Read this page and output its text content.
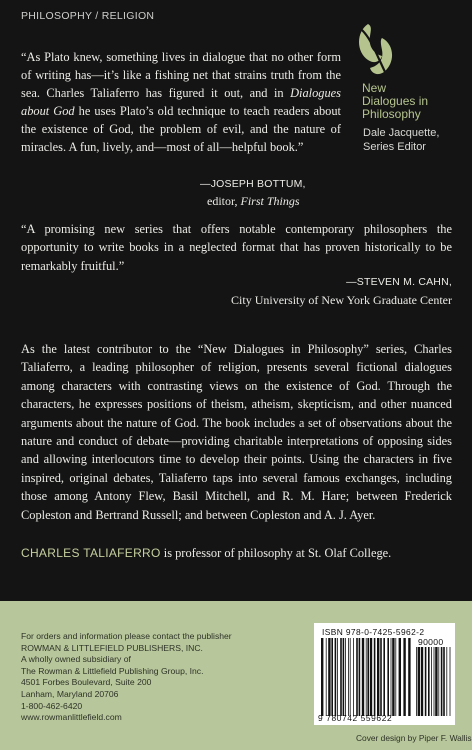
PHILOSOPHY / RELIGION
New
Dialogues in
Philosophy
Dale Jacquette,
Series Editor
“As Plato knew, something lives in dialogue that no other form of writing has—it’s like a fishing net that strains truth from the sea. Charles Taliaferro has figured it out, and in Dialogues about God he uses Plato’s old technique to teach readers about the existence of God, the problem of evil, and the nature of miracles. A fun, lively, and—most of all—helpful book.”
—JOSEPH BOTTUM,
editor, First Things
“A promising new series that offers notable contemporary philosophers the opportunity to write books in a neglected format that has proven historically to be remarkably fruitful.”
—STEVEN M. CAHN,
City University of New York Graduate Center
As the latest contributor to the “New Dialogues in Philosophy” series, Charles Taliaferro, a leading philosopher of religion, presents several fictional dialogues among characters with contrasting views on the existence of God. Through the characters, he expresses positions of theism, atheism, skepticism, and other nuanced arguments about the nature of God. The book includes a set of observations about the nature and conduct of debate—providing charitable interpretations of opposing sides and allowing interlocutors time to develop their points. Using the characters in five inspired, original debates, Taliaferro taps into several famous exchanges, including those among Antony Flew, Basil Mitchell, and R. M. Hare; between Frederick Copleston and Bertrand Russell; and between Copleston and A. J. Ayer.
CHARLES TALIAFERRO is professor of philosophy at St. Olaf College.
For orders and information please contact the publisher
ROWMAN & LITTLEFIELD PUBLISHERS, INC.
A wholly owned subsidiary of
The Rowman & Littlefield Publishing Group, Inc.
4501 Forbes Boulevard, Suite 200
Lanham, Maryland 20706
1-800-462-6420
www.rowmanlittlefield.com
ISBN 978-0-7425-5962-2
90000
9 780742 559622
Cover design by Piper F. Wallis
